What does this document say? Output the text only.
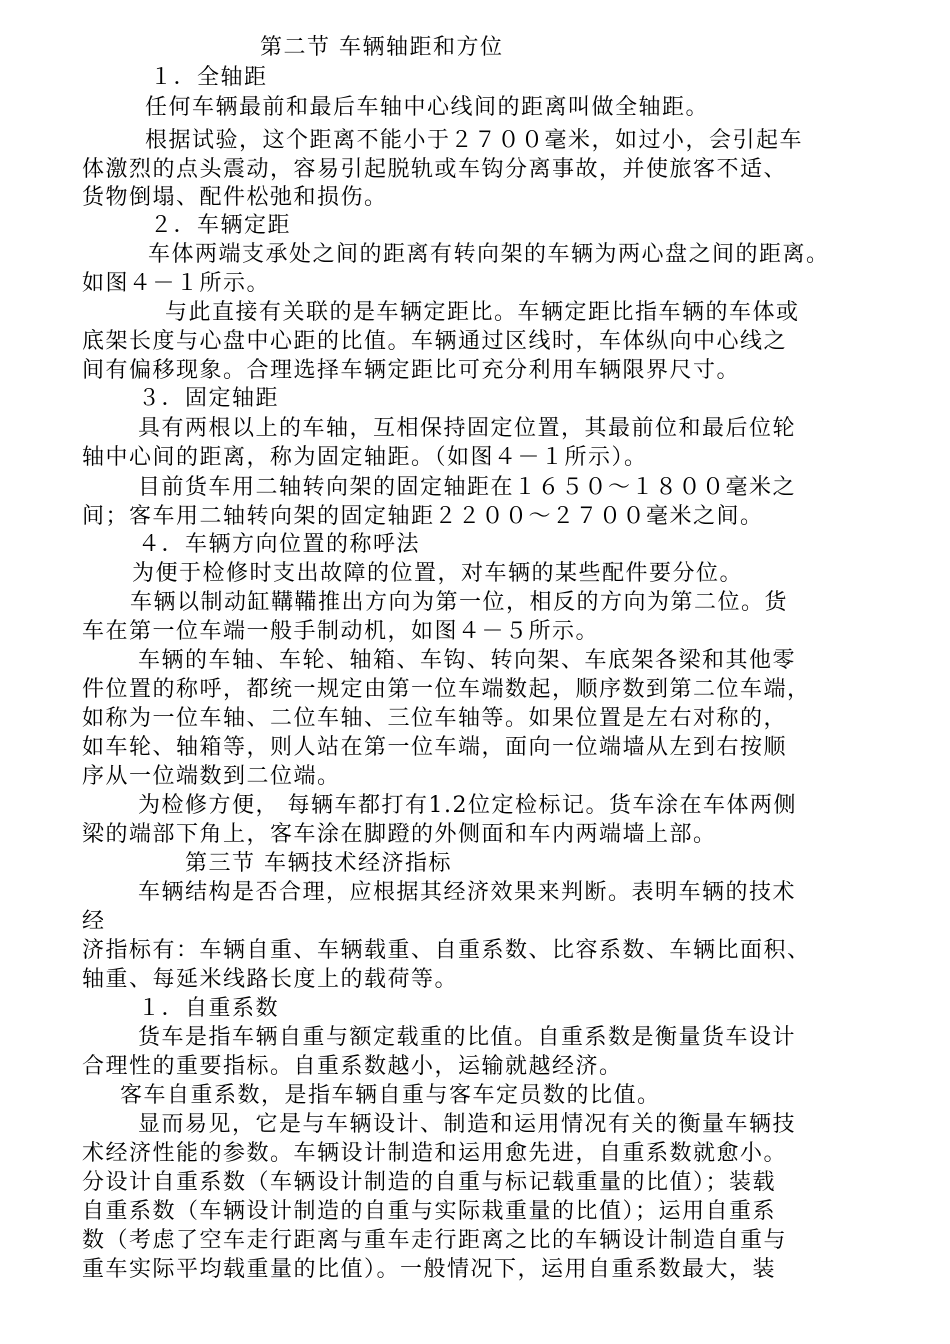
第二节 车辆轴距和方位
１．全轴距
任何车辆最前和最后车轴中心线间的距离叫做全轴距。
根据试验，这个距离不能小于２７００毫米，如过小，会引起车
体激烈的点头震动，容易引起脱轨或车钩分离事故，并使旅客不适、
货物倒塌、配件松弛和损伤。
２．车辆定距
车体两端支承处之间的距离有转向架的车辆为两心盘之间的距离。
如图４－１所示。
与此直接有关联的是车辆定距比。车辆定距比指车辆的车体或
底架长度与心盘中心距的比值。车辆通过区线时，车体纵向中心线之
间有偏移现象。合理选择车辆定距比可充分利用车辆限界尺寸。
３．固定轴距
具有两根以上的车轴，互相保持固定位置，其最前位和最后位轮
轴中心间的距离，称为固定轴距。（如图４－１所示）。
目前货车用二轴转向架的固定轴距在１６５０～１８００毫米之
间；客车用二轴转向架的固定轴距２２００～２７００毫米之间。
４．车辆方向位置的称呼法
为便于检修时支出故障的位置，对车辆的某些配件要分位。
车辆以制动缸鞲鞴推出方向为第一位，相反的方向为第二位。货
车在第一位车端一般手制动机，如图４－５所示。
车辆的车轴、车轮、轴箱、车钩、转向架、车底架各梁和其他零
件位置的称呼，都统一规定由第一位车端数起，顺序数到第二位车端，
如称为一位车轴、二位车轴、三位车轴等。如果位置是左右对称的，
如车轮、轴箱等，则人站在第一位车端，面向一位端墙从左到右按顺
序从一位端数到二位端。
为检修方便， 每辆车都打有1.2位定检标记。货车涂在车体两侧
梁的端部下角上，客车涂在脚蹬的外侧面和车内两端墙上部。
第三节 车辆技术经济指标
车辆结构是否合理，应根据其经济效果来判断。表明车辆的技术
经
济指标有：车辆自重、车辆载重、自重系数、比容系数、车辆比面积、
轴重、每延米线路长度上的载荷等。
１．自重系数
货车是指车辆自重与额定载重的比值。自重系数是衡量货车设计
合理性的重要指标。自重系数越小，运输就越经济。
客车自重系数，是指车辆自重与客车定员数的比值。
显而易见，它是与车辆设计、制造和运用情况有关的衡量车辆技
术经济性能的参数。车辆设计制造和运用愈先进，自重系数就愈小。
分设计自重系数（车辆设计制造的自重与标记载重量的比值）；装载
自重系数（车辆设计制造的自重与实际栽重量的比值）；运用自重系
数（考虑了空车走行距离与重车走行距离之比的车辆设计制造自重与
重车实际平均载重量的比值）。一般情况下，运用自重系数最大，装
